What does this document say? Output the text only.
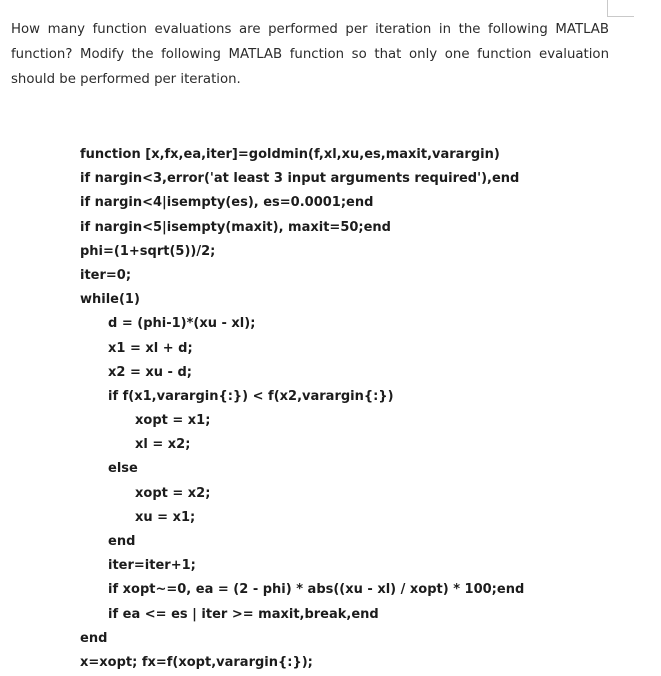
How many function evaluations are performed per iteration in the following MATLAB function? Modify the following MATLAB function so that only one function evaluation should be performed per iteration.

function [x,fx,ea,iter]=goldmin(f,xl,xu,es,maxit,varargin)
if nargin<3,error('at least 3 input arguments required'),end
if nargin<4|isempty(es), es=0.0001;end
if nargin<5|isempty(maxit), maxit=50;end
phi=(1+sqrt(5))/2;
iter=0;
while(1)
d = (phi-1)*(xu - xl);
x1 = xl + d;
x2 = xu - d;
if f(x1,varargin{:}) < f(x2,varargin{:})
xopt = x1;
xl = x2;
else
xopt = x2;
xu = x1;
end
iter=iter+1;
if xopt~=0, ea = (2 - phi) * abs((xu - xl) / xopt) * 100;end
if ea <= es | iter >= maxit,break,end
end
x=xopt; fx=f(xopt,varargin{:});
